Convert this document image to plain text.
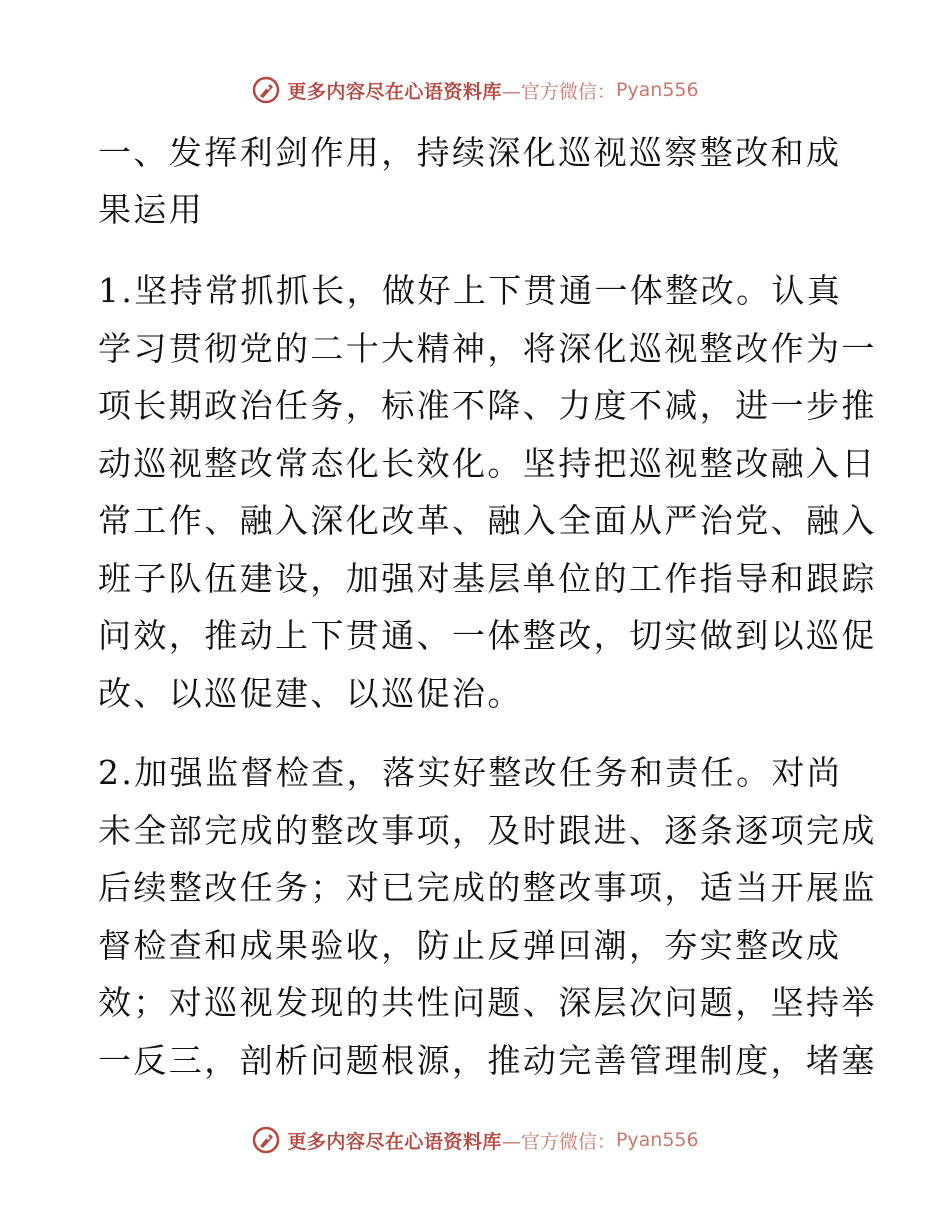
更多内容尽在心语资料库 —官方微信： Pyan556
一、发挥利剑作用，持续深化巡视巡察整改和成
果运用
1.坚持常抓抓长，做好上下贯通一体整改。认真
学习贯彻党的二十大精神，将深化巡视整改作为一
项长期政治任务，标准不降、力度不减，进一步推
动巡视整改常态化长效化。坚持把巡视整改融入日
常工作、融入深化改革、融入全面从严治党、融入
班子队伍建设，加强对基层单位的工作指导和跟踪
问效，推动上下贯通、一体整改，切实做到以巡促
改、以巡促建、以巡促治。
2.加强监督检查，落实好整改任务和责任。对尚
未全部完成的整改事项，及时跟进、逐条逐项完成
后续整改任务；对已完成的整改事项，适当开展监
督检查和成果验收，防止反弹回潮，夯实整改成
效；对巡视发现的共性问题、深层次问题，坚持举
一反三，剖析问题根源，推动完善管理制度，堵塞
更多内容尽在心语资料库 —官方微信： Pyan556
